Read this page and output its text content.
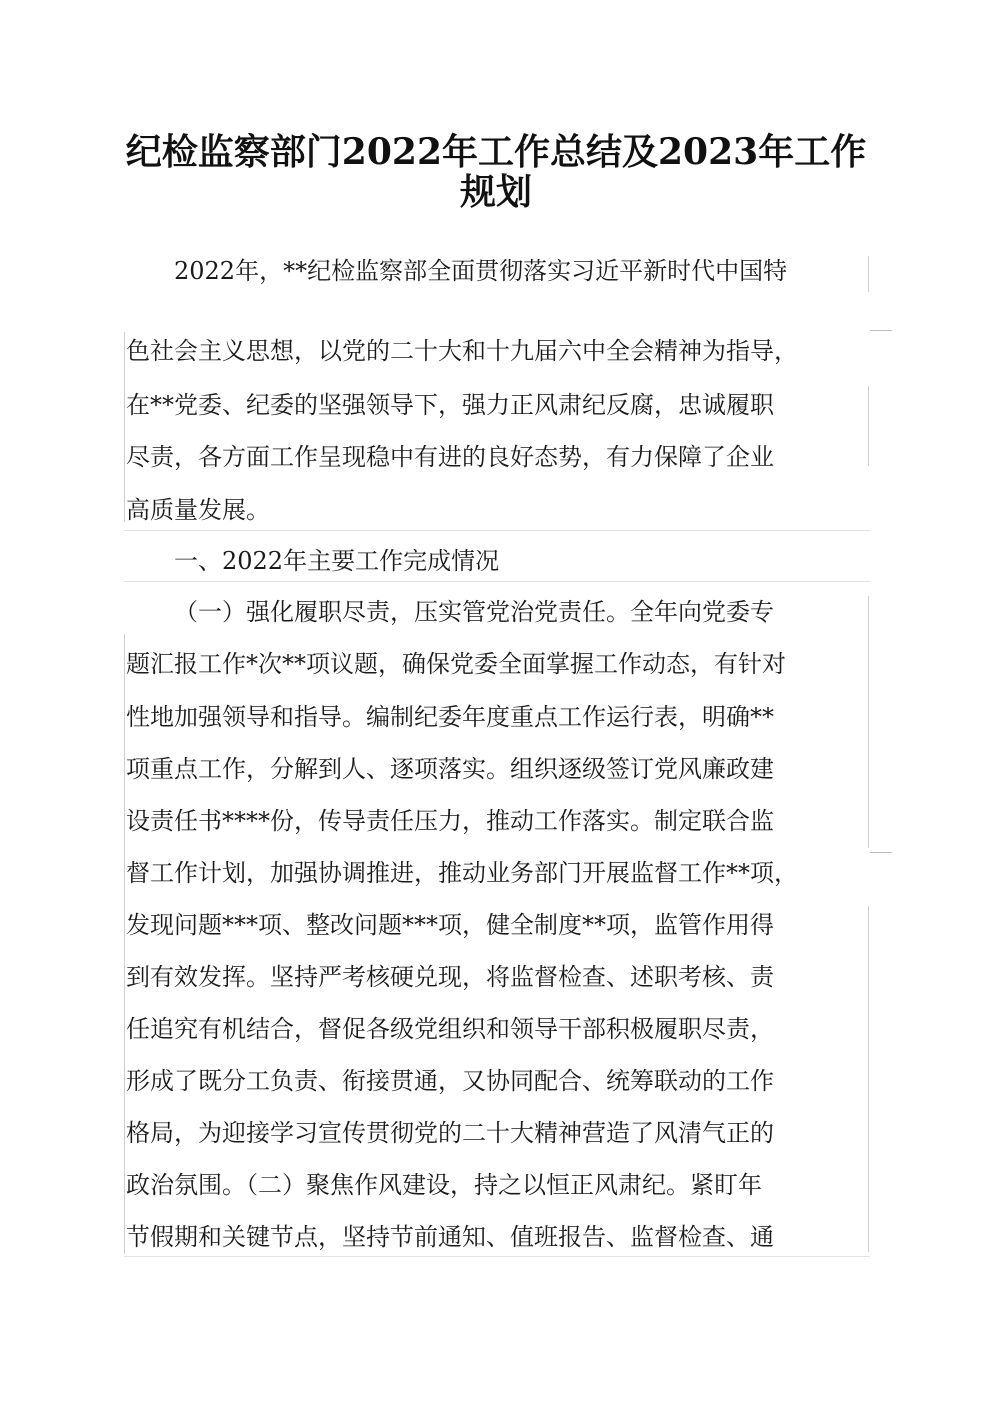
纪检监察部门2022年工作总结及2023年工作
规划

2022年，**纪检监察部全面贯彻落实习近平新时代中国特

色社会主义思想，以党的二十大和十九届六中全会精神为指导，

在**党委、纪委的坚强领导下，强力正风肃纪反腐，忠诚履职

尽责，各方面工作呈现稳中有进的良好态势，有力保障了企业

高质量发展。

一、2022年主要工作完成情况

（一）强化履职尽责，压实管党治党责任。全年向党委专

题汇报工作*次**项议题，确保党委全面掌握工作动态，有针对

性地加强领导和指导。编制纪委年度重点工作运行表，明确**

项重点工作，分解到人、逐项落实。组织逐级签订党风廉政建

设责任书****份，传导责任压力，推动工作落实。制定联合监

督工作计划，加强协调推进，推动业务部门开展监督工作**项，

发现问题***项、整改问题***项，健全制度**项，监管作用得

到有效发挥。坚持严考核硬兑现，将监督检查、述职考核、责

任追究有机结合，督促各级党组织和领导干部积极履职尽责，

形成了既分工负责、衔接贯通，又协同配合、统筹联动的工作

格局，为迎接学习宣传贯彻党的二十大精神营造了风清气正的

政治氛围。（二）聚焦作风建设，持之以恒正风肃纪。紧盯年

节假期和关键节点，坚持节前通知、值班报告、监督检查、通
